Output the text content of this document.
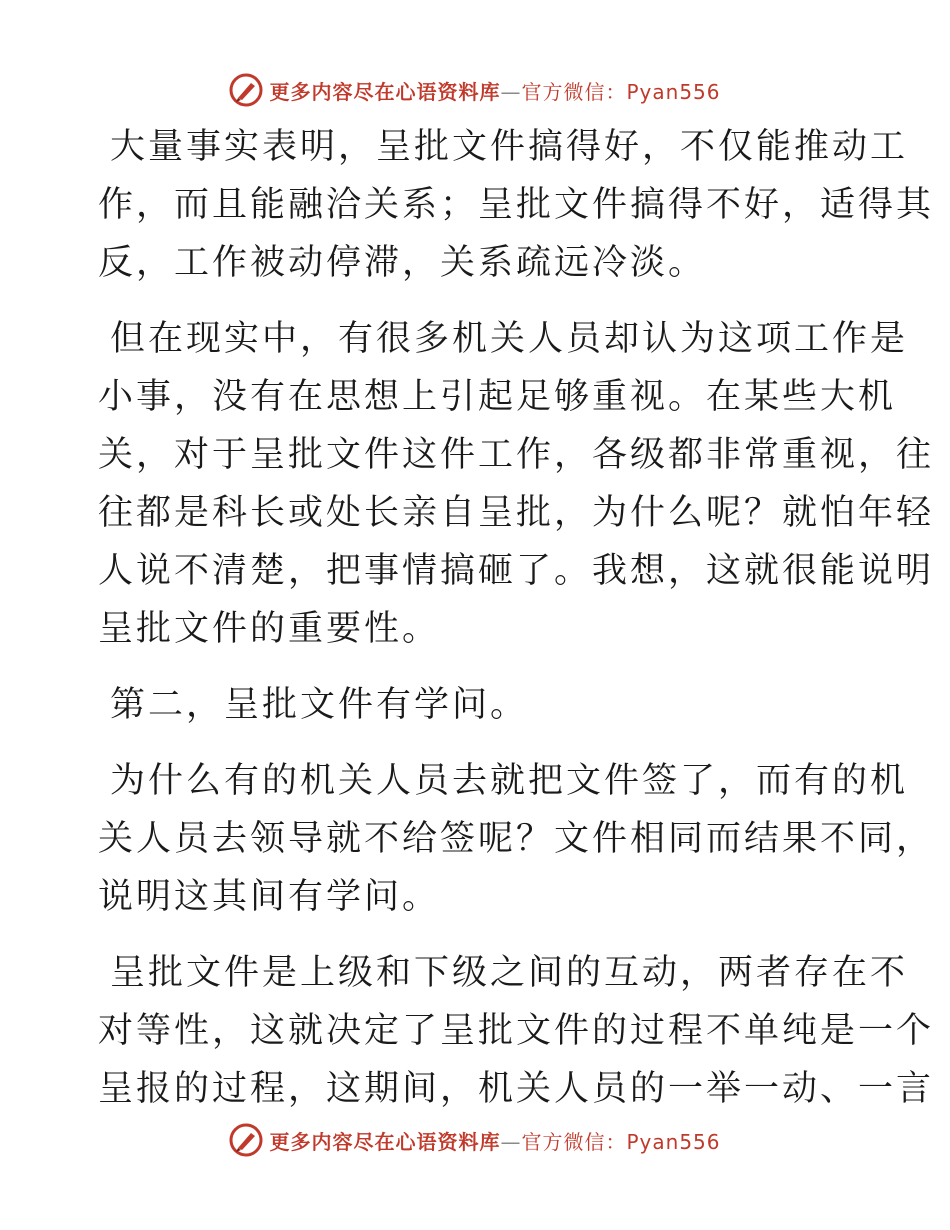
更多内容尽在心语资料库—官方微信：Pyan556

大量事实表明，呈批文件搞得好，不仅能推动工
作，而且能融洽关系；呈批文件搞得不好，适得其
反，工作被动停滞，关系疏远冷淡。

但在现实中，有很多机关人员却认为这项工作是
小事，没有在思想上引起足够重视。在某些大机
关，对于呈批文件这件工作，各级都非常重视，往
往都是科长或处长亲自呈批，为什么呢？就怕年轻
人说不清楚，把事情搞砸了。我想，这就很能说明
呈批文件的重要性。

第二，呈批文件有学问。

为什么有的机关人员去就把文件签了，而有的机
关人员去领导就不给签呢？文件相同而结果不同，
说明这其间有学问。

呈批文件是上级和下级之间的互动，两者存在不
对等性，这就决定了呈批文件的过程不单纯是一个
呈报的过程，这期间，机关人员的一举一动、一言

更多内容尽在心语资料库—官方微信：Pyan556
